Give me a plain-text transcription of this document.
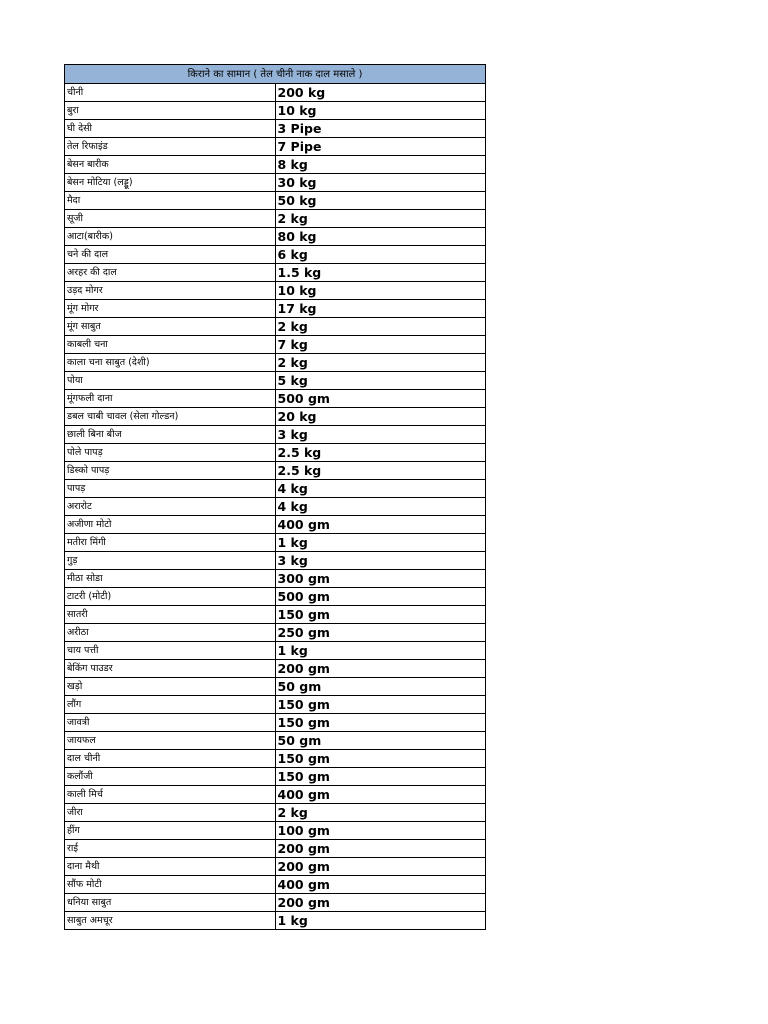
किराने का सामान ( तेल चीनी नाक दाल मसाले )	
चीनी	200 kg
बुरा	10 kg
घी देसी	3 Pipe
तेल रिफाइंड	7 Pipe
बेसन बारीक	8 kg
बेसन मोटिया (लड्डू)	30 kg
मैदा	50 kg
सूजी	2 kg
आटा(बारीक)	80 kg
चने की दाल	6 kg
अरहर की दाल	1.5 kg
उड़द मोगर	10 kg
मूंग मोगर	17 kg
मूंग साबुत	2 kg
काबली चना	7 kg
काला चना साबुत (देशी)	2 kg
पोया	5 kg
मूंगफली दाना	500 gm
डबल चाबी चावल (सेला गोल्डन)	20 kg
छाली बिना बीज	3 kg
पोले पापड़	2.5 kg
डिस्को पापड़	2.5 kg
पापड़	4 kg
अरारोट	4 kg
अजीणा मोटो	400 gm
मतीरा मिंगी	1 kg
गुड़	3 kg
मीठा सोडा	300 gm
टाटरी (मोटी)	500 gm
सातरी	150 gm
अरीठा	250 gm
चाय पत्ती	1 kg
बेकिंग पाउडर	200 gm
खड़ो	50 gm
लौंग	150 gm
जावत्री	150 gm
जायफल	50 gm
दाल चीनी	150 gm
कलौंजी	150 gm
काली मिर्च	400 gm
जीरा	2 kg
हींग	100 gm
राई	200 gm
दाना मैथी	200 gm
सौंफ मोटी	400 gm
धनिया साबुत	200 gm
साबुत अमचूर	1 kg
